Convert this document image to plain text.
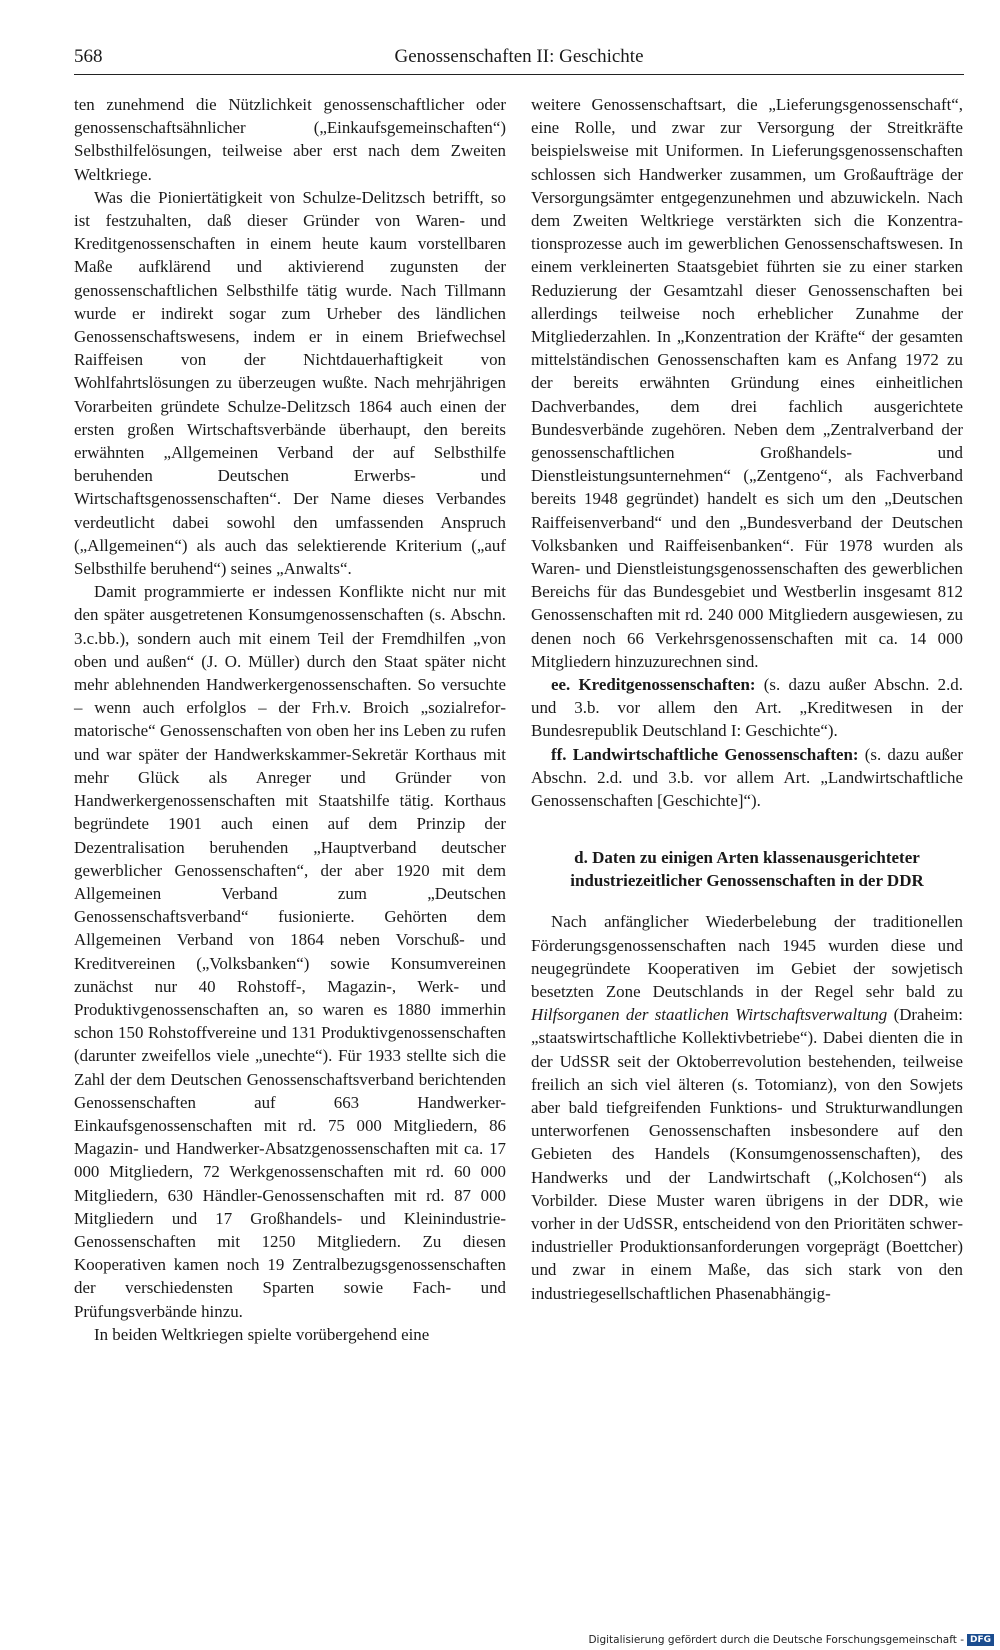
568	Genossenschaften II: Geschichte

ten zunehmend die Nützlichkeit genossenschaftlicher oder genossenschaftsähnlicher („Einkaufsgemeinschaften“) Selbsthilfelösungen, teilweise aber erst nach dem Zweiten Weltkriege.

Was die Pioniertätigkeit von Schulze-Delitzsch betrifft, so ist festzuhalten, daß dieser Gründer von Waren- und Kreditgenossenschaften in einem heute kaum vorstellbaren Maße aufklärend und aktivierend zugunsten der genossenschaftlichen Selbsthilfe tätig wurde. Nach Tillmann wurde er indirekt sogar zum Urheber des ländlichen Genossenschaftswesens, indem er in einem Briefwechsel Raiffeisen von der Nichtdauerhaftigkeit von Wohlfahrtslösungen zu überzeugen wußte. Nach mehrjährigen Vorarbeiten gründete Schulze-Delitzsch 1864 auch einen der ersten großen Wirtschaftsverbände überhaupt, den bereits erwähnten „Allgemeinen Verband der auf Selbsthilfe beruhenden Deutschen Erwerbs- und Wirtschaftsgenossenschaften“. Der Name dieses Verbandes verdeutlicht dabei sowohl den umfassenden Anspruch („Allgemeinen“) als auch das selektierende Kriterium („auf Selbsthilfe beruhend“) seines „Anwalts“.

Damit programmierte er indessen Konflikte nicht nur mit den später ausgetretenen Konsumgenossenschaften (s. Abschn. 3.c.bb.), sondern auch mit einem Teil der Fremdhilfen „von oben und außen“ (J. O. Müller) durch den Staat später nicht mehr ablehnenden Handwerkergenossenschaften. So versuchte – wenn auch erfolglos – der Frh.v. Broich „sozialreformatorische“ Genossenschaften von oben her ins Leben zu rufen und war später der Handwerkskammer-Sekretär Korthaus mit mehr Glück als Anreger und Gründer von Handwerkergenossenschaften mit Staatshilfe tätig. Korthaus begründete 1901 auch einen auf dem Prinzip der Dezentralisation beruhenden „Hauptverband deutscher gewerblicher Genossenschaften“, der aber 1920 mit dem Allgemeinen Verband zum „Deutschen Genossenschaftsverband“ fusionierte. Gehörten dem Allgemeinen Verband von 1864 neben Vorschuß- und Kreditvereinen („Volksbanken“) sowie Konsumvereinen zunächst nur 40 Rohstoff-, Magazin-, Werk- und Produktivgenossenschaften an, so waren es 1880 immerhin schon 150 Rohstoffvereine und 131 Produktivgenossenschaften (darunter zweifellos viele „unechte“). Für 1933 stellte sich die Zahl der dem Deutschen Genossenschaftsverband berichtenden Genossenschaften auf 663 Handwerker-Einkaufsgenossenschaften mit rd. 75 000 Mitgliedern, 86 Magazin- und Handwerker-Absatzgenossenschaften mit ca. 17 000 Mitgliedern, 72 Werkgenossenschaften mit rd. 60 000 Mitgliedern, 630 Händler-Genossenschaften mit rd. 87 000 Mitgliedern und 17 Großhandels- und Kleinindustrie-Genossenschaften mit 1250 Mitgliedern. Zu diesen Kooperativen kamen noch 19 Zentralbezugsgenossenschaften der verschiedensten Sparten sowie Fach- und Prüfungsverbände hinzu.

In beiden Weltkriegen spielte vorübergehend eine

weitere Genossenschaftsart, die „Lieferungsgenossenschaft“, eine Rolle, und zwar zur Versorgung der Streitkräfte beispielsweise mit Uniformen. In Lieferungsgenossenschaften schlossen sich Handwerker zusammen, um Großaufträge der Versorgungsämter entgegenzunehmen und abzuwickeln. Nach dem Zweiten Weltkriege verstärkten sich die Konzentrationsprozesse auch im gewerblichen Genossenschaftswesen. In einem verkleinerten Staatsgebiet führten sie zu einer starken Reduzierung der Gesamtzahl dieser Genossenschaften bei allerdings teilweise noch erheblicher Zunahme der Mitgliederzahlen. In „Konzentration der Kräfte“ der gesamten mittelständischen Genossenschaften kam es Anfang 1972 zu der bereits erwähnten Gründung eines einheitlichen Dachverbandes, dem drei fachlich ausgerichtete Bundesverbände zugehören. Neben dem „Zentralverband der genossenschaftlichen Großhandels- und Dienstleistungsunternehmen“ („Zentgeno“, als Fachverband bereits 1948 gegründet) handelt es sich um den „Deutschen Raiffeisenverband“ und den „Bundesverband der Deutschen Volksbanken und Raiffeisenbanken“. Für 1978 wurden als Waren- und Dienstleistungsgenossenschaften des gewerblichen Bereichs für das Bundesgebiet und Westberlin insgesamt 812 Genossenschaften mit rd. 240 000 Mitgliedern ausgewiesen, zu denen noch 66 Verkehrsgenossenschaften mit ca. 14 000 Mitgliedern hinzuzurechnen sind.

ee. Kreditgenossenschaften: (s. dazu außer Abschn. 2.d. und 3.b. vor allem den Art. „Kreditwesen in der Bundesrepublik Deutschland I: Geschichte“).

ff. Landwirtschaftliche Genossenschaften: (s. dazu außer Abschn. 2.d. und 3.b. vor allem Art. „Landwirtschaftliche Genossenschaften [Geschichte]“).

d. Daten zu einigen Arten klassenausgerichteter industriezeitlicher Genossenschaften in der DDR

Nach anfänglicher Wiederbelebung der traditionellen Förderungsgenossenschaften nach 1945 wurden diese und neugegründete Kooperativen im Gebiet der sowjetisch besetzten Zone Deutschlands in der Regel sehr bald zu Hilfsorganen der staatlichen Wirtschaftsverwaltung (Draheim: „staatswirtschaftliche Kollektivbetriebe“). Dabei dienten die in der UdSSR seit der Oktoberrevolution bestehenden, teilweise freilich an sich viel älteren (s. Totomianz), von den Sowjets aber bald tiefgreifenden Funktions- und Strukturwandlungen unterworfenen Genossenschaften insbesondere auf den Gebieten des Handels (Konsumgenossenschaften), des Handwerks und der Landwirtschaft („Kolchosen“) als Vorbilder. Diese Muster waren übrigens in der DDR, wie vorher in der UdSSR, entscheidend von den Prioritäten schwerindustrieller Produktionsanforderungen vorgeprägt (Boettcher) und zwar in einem Maße, das sich stark von den industriegesellschaftlichen Phasenabhängig-

Digitalisierung gefördert durch die Deutsche Forschungsgemeinschaft - DFG
